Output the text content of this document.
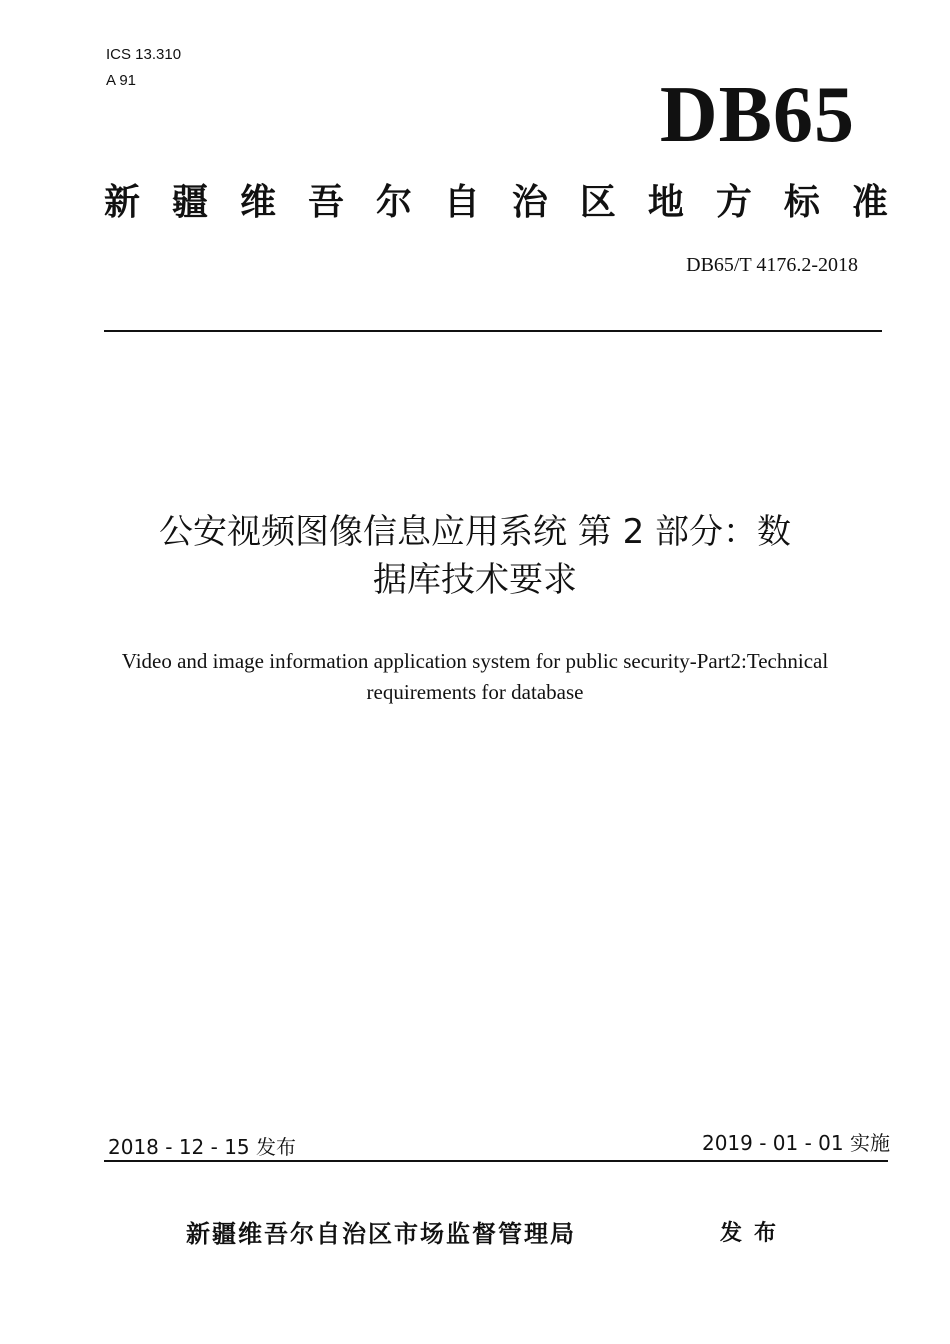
ICS 13.310
A 91	DB65
新 疆 维 吾 尔 自 治 区 地 方 标 准
DB65/T 4176.2-2018
公安视频图像信息应用系统 第 2 部分：数
据库技术要求
Video and image information application system for public security-Part2:Technical
requirements for database
2018 - 12 - 15 发布	2019 - 01 - 01 实施
新疆维吾尔自治区市场监督管理局	发布
